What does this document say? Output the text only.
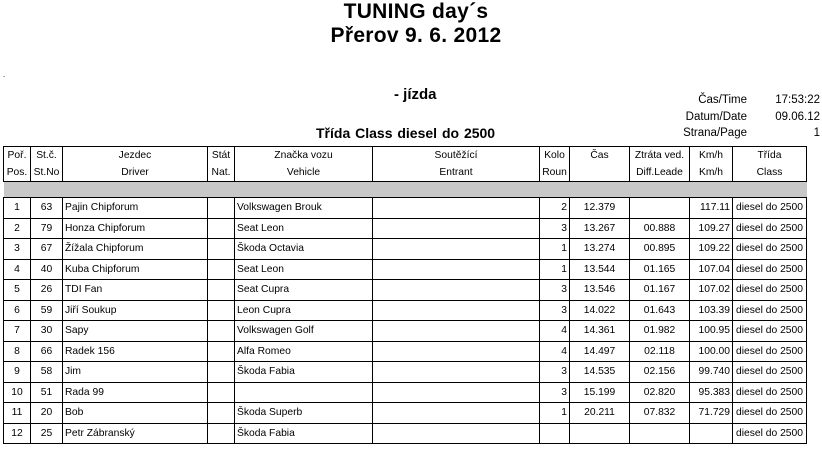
TUNING day´s
Přerov 9. 6. 2012
.
- jízda	Čas/Time	17:53:22
Datum/Date	09.06.12
Strana/Page	1
Třída Class diesel do 2500
Poř.	St.č.	Jezdec	Stát	Značka vozu	Soutěžící	Kolo	Čas	Ztráta ved.	Km/h	Třída
Pos.	St.No	Driver	Nat.	Vehicle	Entrant	Roun		Diff.Leade	Km/h	Class

1	63	Pajin Chipforum		Volkswagen Brouk		2	12.379		117.11	diesel do 2500
2	79	Honza Chipforum		Seat Leon		3	13.267	00.888	109.27	diesel do 2500
3	67	Žížala Chipforum		Škoda Octavia		1	13.274	00.895	109.22	diesel do 2500
4	40	Kuba Chipforum		Seat Leon		1	13.544	01.165	107.04	diesel do 2500
5	26	TDI Fan		Seat Cupra		3	13.546	01.167	107.02	diesel do 2500
6	59	Jiří Soukup		Leon Cupra		3	14.022	01.643	103.39	diesel do 2500
7	30	Sapy		Volkswagen Golf		4	14.361	01.982	100.95	diesel do 2500
8	66	Radek 156		Alfa Romeo		4	14.497	02.118	100.00	diesel do 2500
9	58	Jim		Škoda Fabia		3	14.535	02.156	99.740	diesel do 2500
10	51	Rada 99				3	15.199	02.820	95.383	diesel do 2500
11	20	Bob		Škoda Superb		1	20.211	07.832	71.729	diesel do 2500
12	25	Petr Zábranský		Škoda Fabia						diesel do 2500
